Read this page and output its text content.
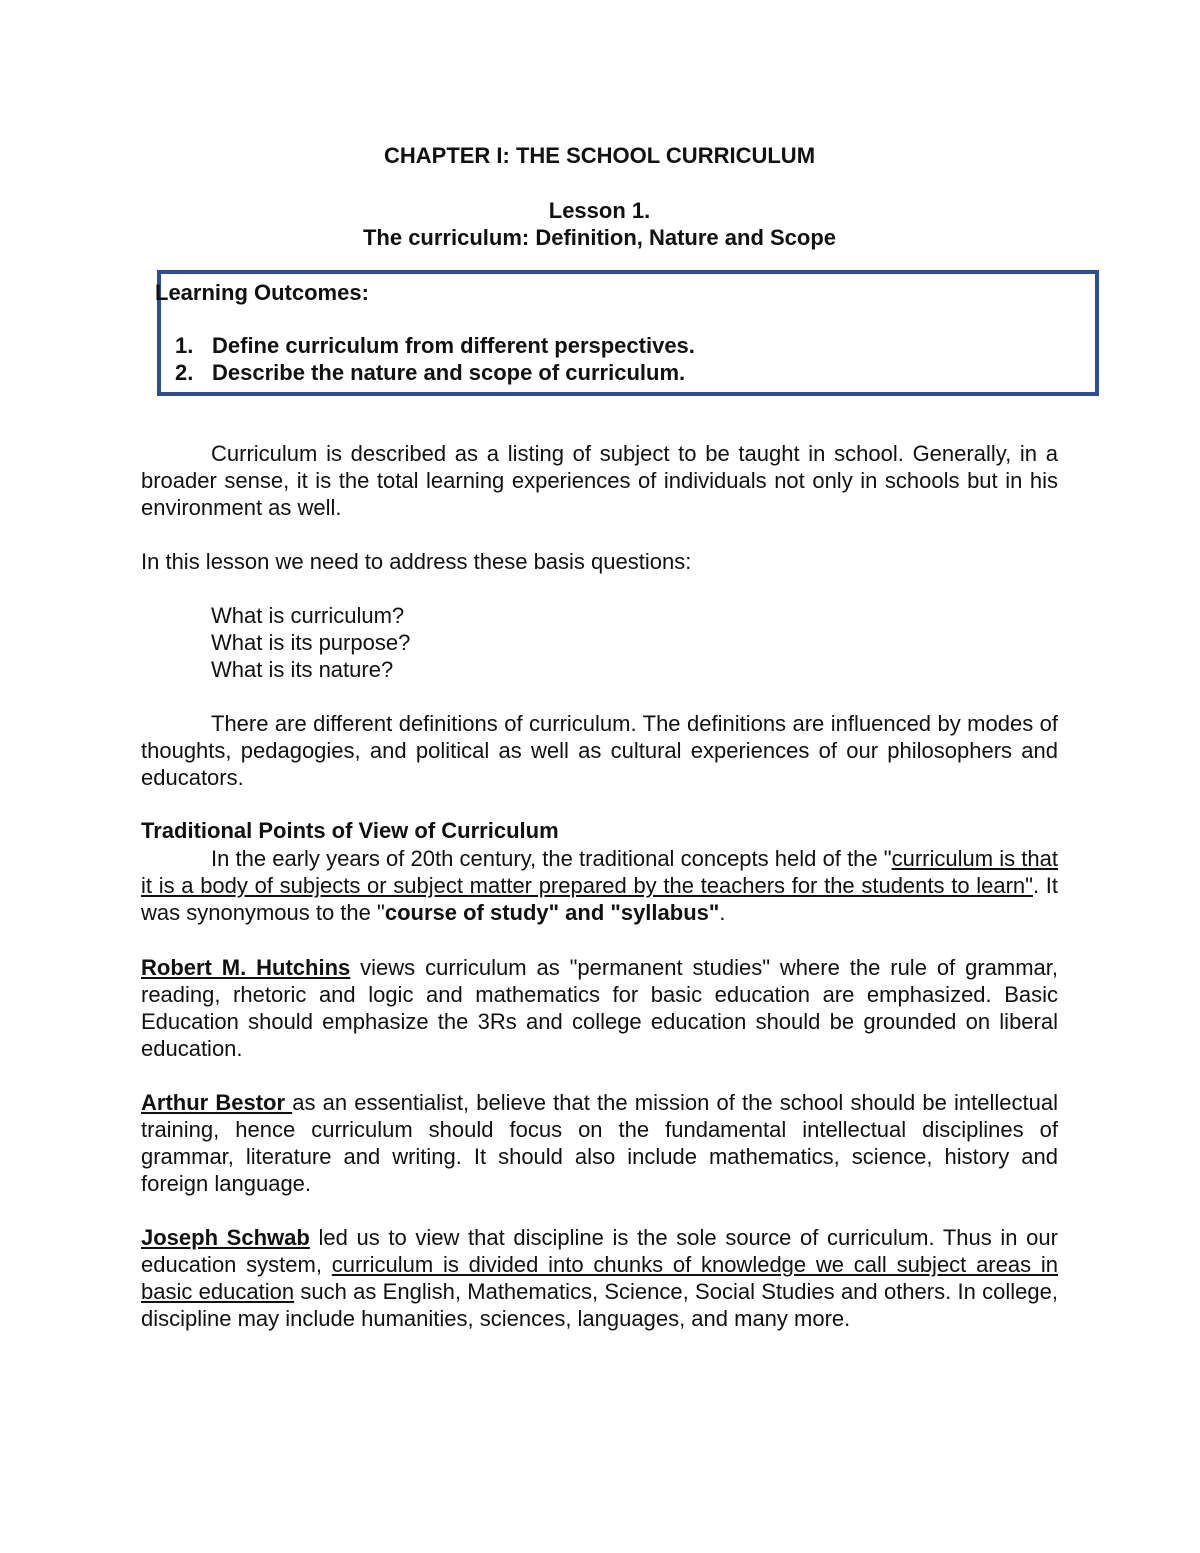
CHAPTER I: THE SCHOOL CURRICULUM
Lesson 1.
The curriculum: Definition, Nature and Scope
Learning Outcomes:
1. Define curriculum from different perspectives.
2. Describe the nature and scope of curriculum.

Curriculum is described as a listing of subject to be taught in school. Generally, in a broader sense, it is the total learning experiences of individuals not only in schools but in his environment as well.

In this lesson we need to address these basis questions:

What is curriculum?
What is its purpose?
What is its nature?

There are different definitions of curriculum. The definitions are influenced by modes of thoughts, pedagogies, and political as well as cultural experiences of our philosophers and educators.

Traditional Points of View of Curriculum

In the early years of 20th century, the traditional concepts held of the "curriculum is that it is a body of subjects or subject matter prepared by the teachers for the students to learn". It was synonymous to the "course of study" and "syllabus".

Robert M. Hutchins views curriculum as "permanent studies" where the rule of grammar, reading, rhetoric and logic and mathematics for basic education are emphasized. Basic Education should emphasize the 3Rs and college education should be grounded on liberal education.

Arthur Bestor as an essentialist, believe that the mission of the school should be intellectual training, hence curriculum should focus on the fundamental intellectual disciplines of grammar, literature and writing. It should also include mathematics, science, history and foreign language.

Joseph Schwab led us to view that discipline is the sole source of curriculum. Thus in our education system, curriculum is divided into chunks of knowledge we call subject areas in basic education such as English, Mathematics, Science, Social Studies and others. In college, discipline may include humanities, sciences, languages, and many more.
